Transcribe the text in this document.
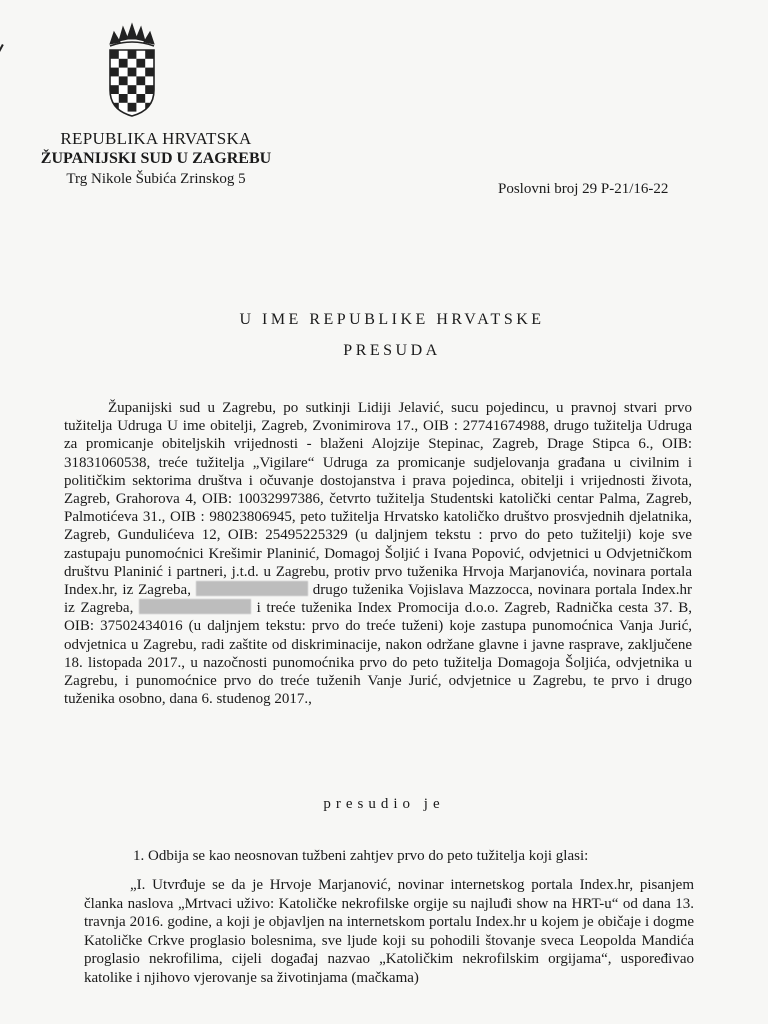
REPUBLIKA HRVATSKA
ŽUPANIJSKI SUD U ZAGREBU
Trg Nikole Šubića Zrinskog 5
Poslovni broj 29 P-21/16-22
U IME REPUBLIKE HRVATSKE
PRESUDA

Županijski sud u Zagrebu, po sutkinji Lidiji Jelavić, sucu pojedincu, u pravnoj stvari prvo tužitelja Udruga U ime obitelji, Zagreb, Zvonimirova 17., OIB : 27741674988, drugo tužitelja Udruga za promicanje obiteljskih vrijednosti - blaženi Alojzije Stepinac, Zagreb, Drage Stipca 6., OIB: 31831060538, treće tužitelja „Vigilare“ Udruga za promicanje sudjelovanja građana u civilnim i političkim sektorima društva i očuvanje dostojanstva i prava pojedinca, obitelji i vrijednosti života, Zagreb, Grahorova 4, OIB: 10032997386, četvrto tužitelja Studentski katolički centar Palma, Zagreb, Palmotićeva 31., OIB : 98023806945, peto tužitelja Hrvatsko katoličko društvo prosvjednih djelatnika, Zagreb, Gundulićeva 12, OIB: 25495225329 (u daljnjem tekstu : prvo do peto tužitelji) koje sve zastupaju punomoćnici Krešimir Planinić, Domagoj Šoljić i Ivana Popović, odvjetnici u Odvjetničkom društvu Planinić i partneri, j.t.d. u Zagrebu, protiv prvo tuženika Hrvoja Marjanovića, novinara portala Index.hr, iz Zagreba,	drugo tuženika Vojislava Mazzocca, novinara portala Index.hr iz Zagreba,	i treće tuženika Index Promocija d.o.o. Zagreb, Radnička cesta 37. B, OIB: 37502434016 (u daljnjem tekstu: prvo do treće tuženi) koje zastupa punomoćnica Vanja Jurić, odvjetnica u Zagrebu, radi zaštite od diskriminacije, nakon održane glavne i javne rasprave, zaključene 18. listopada 2017., u nazočnosti punomoćnika prvo do peto tužitelja Domagoja Šoljića, odvjetnika u Zagrebu, i punomoćnice prvo do treće tuženih Vanje Jurić, odvjetnice u Zagrebu, te prvo i drugo tuženika osobno, dana 6. studenog 2017.,

presudio je
1. Odbija se kao neosnovan tužbeni zahtjev prvo do peto tužitelja koji glasi:

„I. Utvrđuje se da je Hrvoje Marjanović, novinar internetskog portala Index.hr, pisanjem članka naslova „Mrtvaci uživo: Katoličke nekrofilske orgije su najluđi show na HRT-u“ od dana 13. travnja 2016. godine, a koji je objavljen na internetskom portalu Index.hr u kojem je običaje i dogme Katoličke Crkve proglasio bolesnima, sve ljude koji su pohodili štovanje sveca Leopolda Mandića proglasio nekrofilima, cijeli događaj nazvao „Katoličkim nekrofilskim orgijama“, uspoređivao katolike i njihovo vjerovanje sa životinjama (mačkama)
